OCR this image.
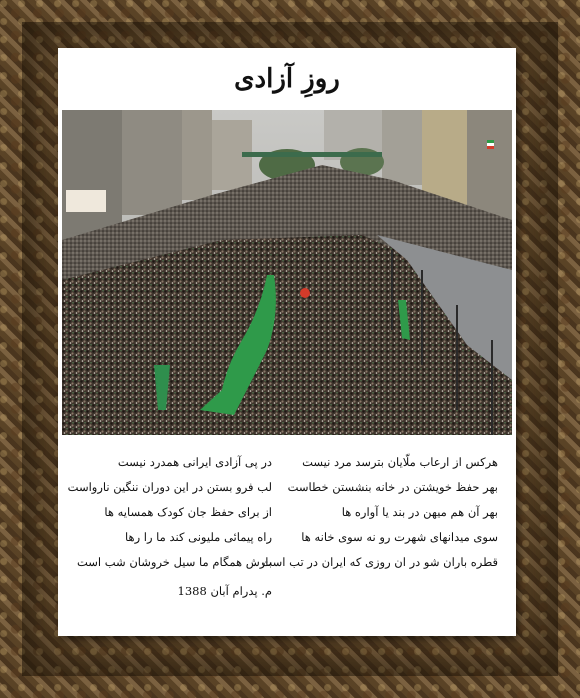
روزِ آزادی
هرکس از ارعاب ملّایان بترسد مرد نیست
بهر حفظ خویشتن در خانه بنشستن خطاست
بهر آن هم میهن در بند یا آواره ها
سوی میدانهای شهرت رو نه سوی خانه ها
قطره باران شو در ان روزی که ایران در تب است
در پی آزادی ایرانی همدرد نیست
لب فرو بستن در این دوران ننگین نارواست
از برای حفظ جان کودک همسایه ها
راه پیمائی ملیونی کند ما را رها
بارش همگام ما سیل خروشان شب است
م. پدرام آبان 1388
